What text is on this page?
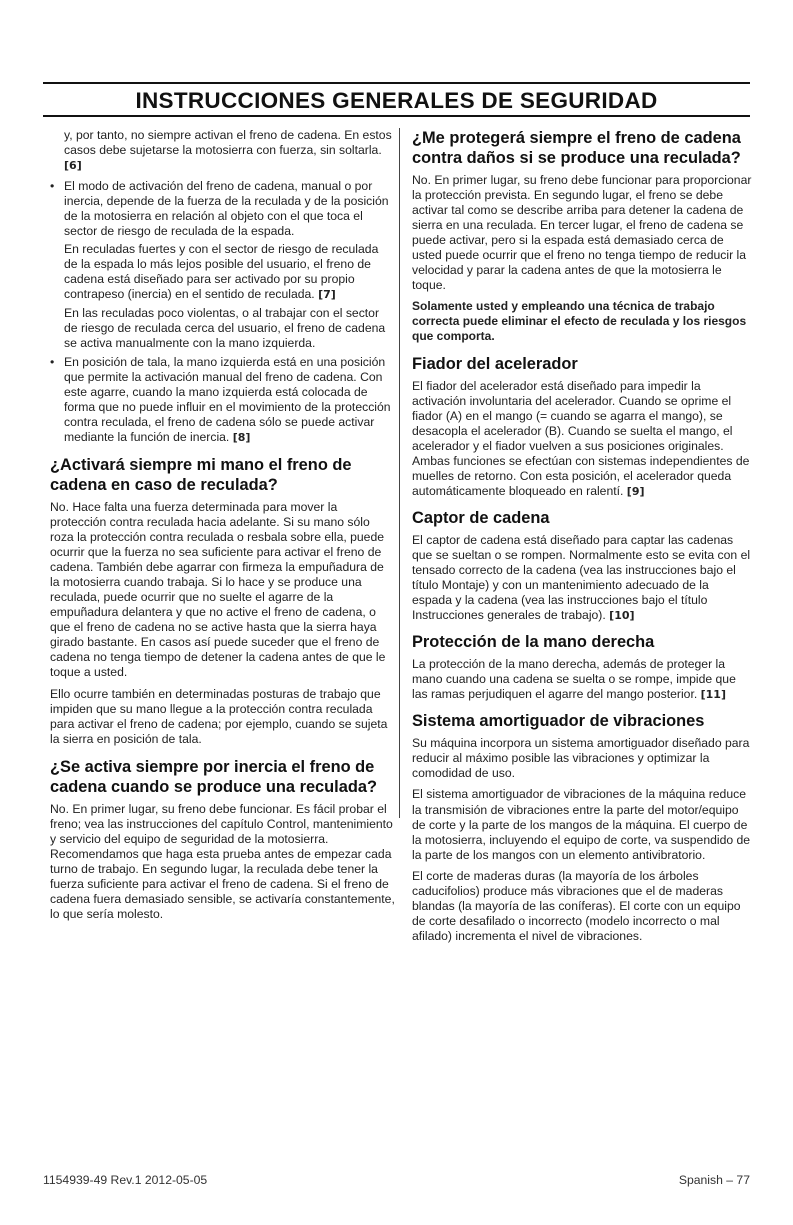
INSTRUCCIONES GENERALES DE SEGURIDAD

y, por tanto, no siempre activan el freno de cadena. En estos casos debe sujetarse la motosierra con fuerza, sin soltarla. [6]

• El modo de activación del freno de cadena, manual o por inercia, depende de la fuerza de la reculada y de la posición de la motosierra en relación al objeto con el que toca el sector de riesgo de reculada de la espada.

En reculadas fuertes y con el sector de riesgo de reculada de la espada lo más lejos posible del usuario, el freno de cadena está diseñado para ser activado por su propio contrapeso (inercia) en el sentido de reculada. [7]

En las reculadas poco violentas, o al trabajar con el sector de riesgo de reculada cerca del usuario, el freno de cadena se activa manualmente con la mano izquierda.

• En posición de tala, la mano izquierda está en una posición que permite la activación manual del freno de cadena. Con este agarre, cuando la mano izquierda está colocada de forma que no puede influir en el movimiento de la protección contra reculada, el freno de cadena sólo se puede activar mediante la función de inercia. [8]

¿Activará siempre mi mano el freno de cadena en caso de reculada?

No. Hace falta una fuerza determinada para mover la protección contra reculada hacia adelante. Si su mano sólo roza la protección contra reculada o resbala sobre ella, puede ocurrir que la fuerza no sea suficiente para activar el freno de cadena. También debe agarrar con firmeza la empuñadura de la motosierra cuando trabaja. Si lo hace y se produce una reculada, puede ocurrir que no suelte el agarre de la empuñadura delantera y que no active el freno de cadena, o que el freno de cadena no se active hasta que la sierra haya girado bastante. En casos así puede suceder que el freno de cadena no tenga tiempo de detener la cadena antes de que le toque a usted.

Ello ocurre también en determinadas posturas de trabajo que impiden que su mano llegue a la protección contra reculada para activar el freno de cadena; por ejemplo, cuando se sujeta la sierra en posición de tala.

¿Se activa siempre por inercia el freno de cadena cuando se produce una reculada?

No. En primer lugar, su freno debe funcionar. Es fácil probar el freno; vea las instrucciones del capítulo Control, mantenimiento y servicio del equipo de seguridad de la motosierra. Recomendamos que haga esta prueba antes de empezar cada turno de trabajo. En segundo lugar, la reculada debe tener la fuerza suficiente para activar el freno de cadena. Si el freno de cadena fuera demasiado sensible, se activaría constantemente, lo que sería molesto.

¿Me protegerá siempre el freno de cadena contra daños si se produce una reculada?

No. En primer lugar, su freno debe funcionar para proporcionar la protección prevista. En segundo lugar, el freno se debe activar tal como se describe arriba para detener la cadena de sierra en una reculada. En tercer lugar, el freno de cadena se puede activar, pero si la espada está demasiado cerca de usted puede ocurrir que el freno no tenga tiempo de reducir la velocidad y parar la cadena antes de que la motosierra le toque.

Solamente usted y empleando una técnica de trabajo correcta puede eliminar el efecto de reculada y los riesgos que comporta.

Fiador del acelerador

El fiador del acelerador está diseñado para impedir la activación involuntaria del acelerador. Cuando se oprime el fiador (A) en el mango (= cuando se agarra el mango), se desacopla el acelerador (B). Cuando se suelta el mango, el acelerador y el fiador vuelven a sus posiciones originales. Ambas funciones se efectúan con sistemas independientes de muelles de retorno. Con esta posición, el acelerador queda automáticamente bloqueado en ralentí. [9]

Captor de cadena

El captor de cadena está diseñado para captar las cadenas que se sueltan o se rompen. Normalmente esto se evita con el tensado correcto de la cadena (vea las instrucciones bajo el título Montaje) y con un mantenimiento adecuado de la espada y la cadena (vea las instrucciones bajo el título Instrucciones generales de trabajo). [10]

Protección de la mano derecha

La protección de la mano derecha, además de proteger la mano cuando una cadena se suelta o se rompe, impide que las ramas perjudiquen el agarre del mango posterior. [11]

Sistema amortiguador de vibraciones

Su máquina incorpora un sistema amortiguador diseñado para reducir al máximo posible las vibraciones y optimizar la comodidad de uso.

El sistema amortiguador de vibraciones de la máquina reduce la transmisión de vibraciones entre la parte del motor/equipo de corte y la parte de los mangos de la máquina. El cuerpo de la motosierra, incluyendo el equipo de corte, va suspendido de la parte de los mangos con un elemento antivibratorio.

El corte de maderas duras (la mayoría de los árboles caducifolios) produce más vibraciones que el de maderas blandas (la mayoría de las coníferas). El corte con un equipo de corte desafilado o incorrecto (modelo incorrecto o mal afilado) incrementa el nivel de vibraciones.

1154939-49 Rev.1 2012-05-05	Spanish – 77
